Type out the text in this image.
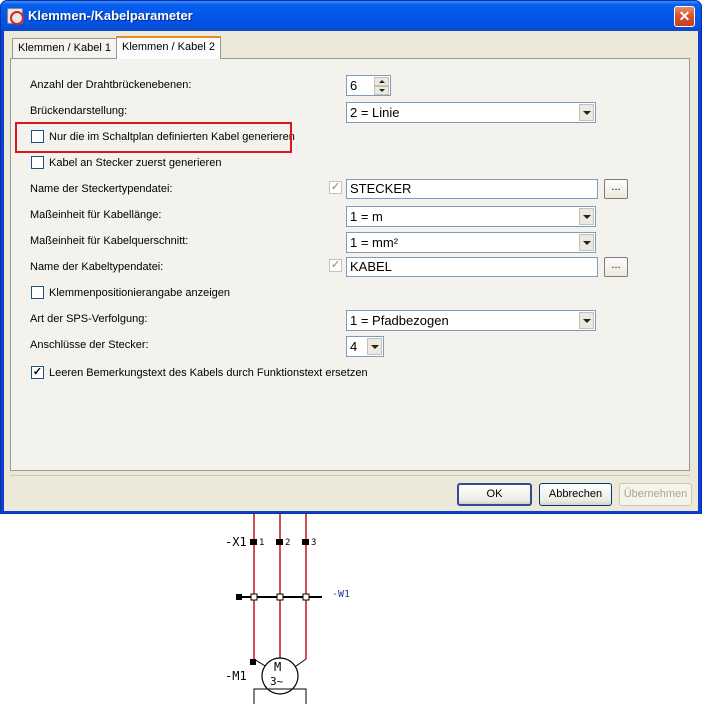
Klemmen-/Kabelparameter	✕
Klemmen / Kabel 1	Klemmen / Kabel 2
Anzahl der Drahtbrückenebenen:	6
Brückendarstellung:	2 = Linie
Nur die im Schaltplan definierten Kabel generieren
Kabel an Stecker zuerst generieren
Name der Steckertypendatei:	✓ STECKER	...
Maßeinheit für Kabellänge:	1 = m
Maßeinheit für Kabelquerschnitt:	1 = mm²
Name der Kabeltypendatei:	✓ KABEL	...
Klemmenpositionierangabe anzeigen
Art der SPS-Verfolgung:	1 = Pfadbezogen
Anschlüsse der Stecker:	4
✓ Leeren Bemerkungstext des Kabels durch Funktionstext ersetzen
OK	Abbrechen	Übernehmen
-X1 1 2 3
-W1
M
3~
-M1
